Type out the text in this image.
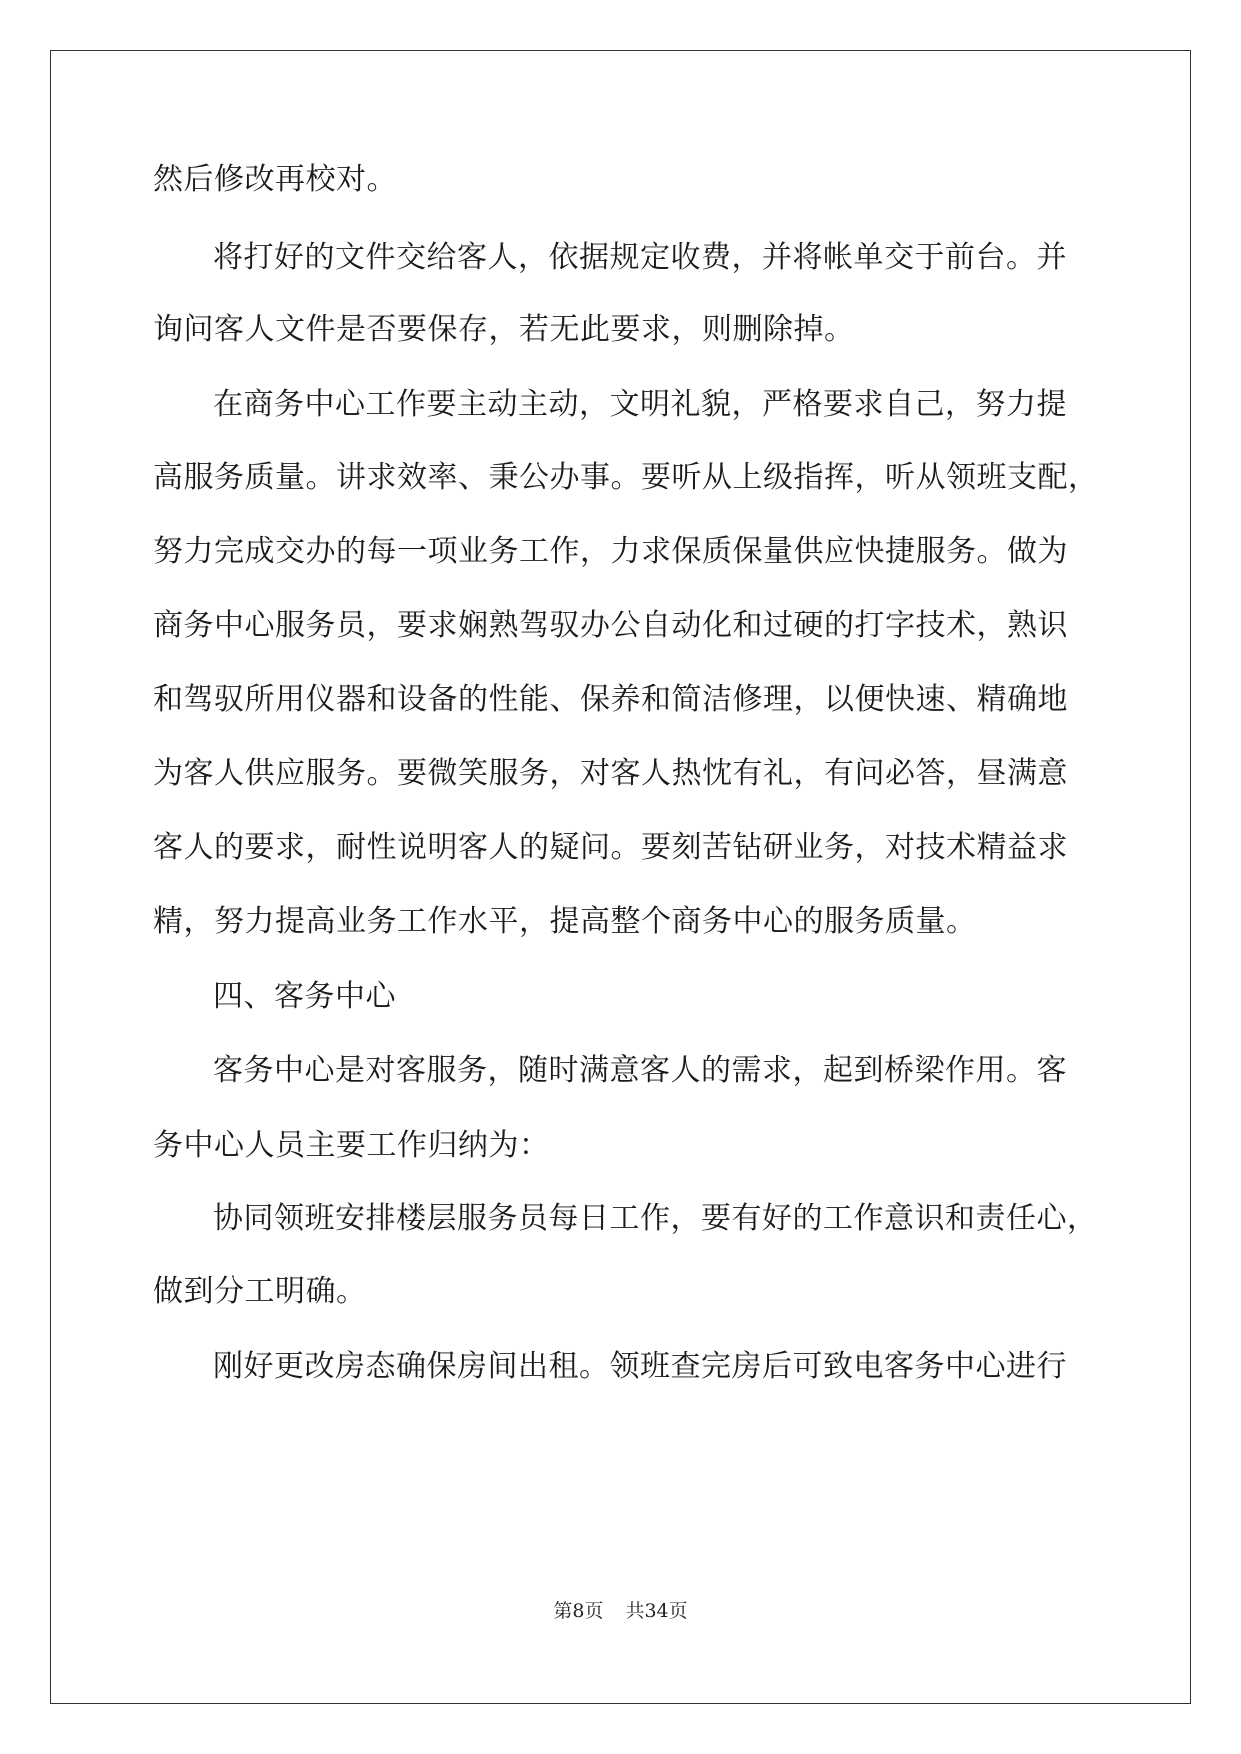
然后修改再校对。
将打好的文件交给客人，依据规定收费，并将帐单交于前台。并
询问客人文件是否要保存，若无此要求，则删除掉。
在商务中心工作要主动主动，文明礼貌，严格要求自己，努力提
高服务质量。讲求效率、秉公办事。要听从上级指挥，听从领班支配，
努力完成交办的每一项业务工作，力求保质保量供应快捷服务。做为
商务中心服务员，要求娴熟驾驭办公自动化和过硬的打字技术，熟识
和驾驭所用仪器和设备的性能、保养和简洁修理，以便快速、精确地
为客人供应服务。要微笑服务，对客人热忱有礼，有问必答，昼满意
客人的要求，耐性说明客人的疑问。要刻苦钻研业务，对技术精益求
精，努力提高业务工作水平，提高整个商务中心的服务质量。
四、客务中心
客务中心是对客服务，随时满意客人的需求，起到桥梁作用。客
务中心人员主要工作归纳为：
协同领班安排楼层服务员每日工作，要有好的工作意识和责任心，
做到分工明确。
刚好更改房态确保房间出租。领班查完房后可致电客务中心进行
第8页 共34页
